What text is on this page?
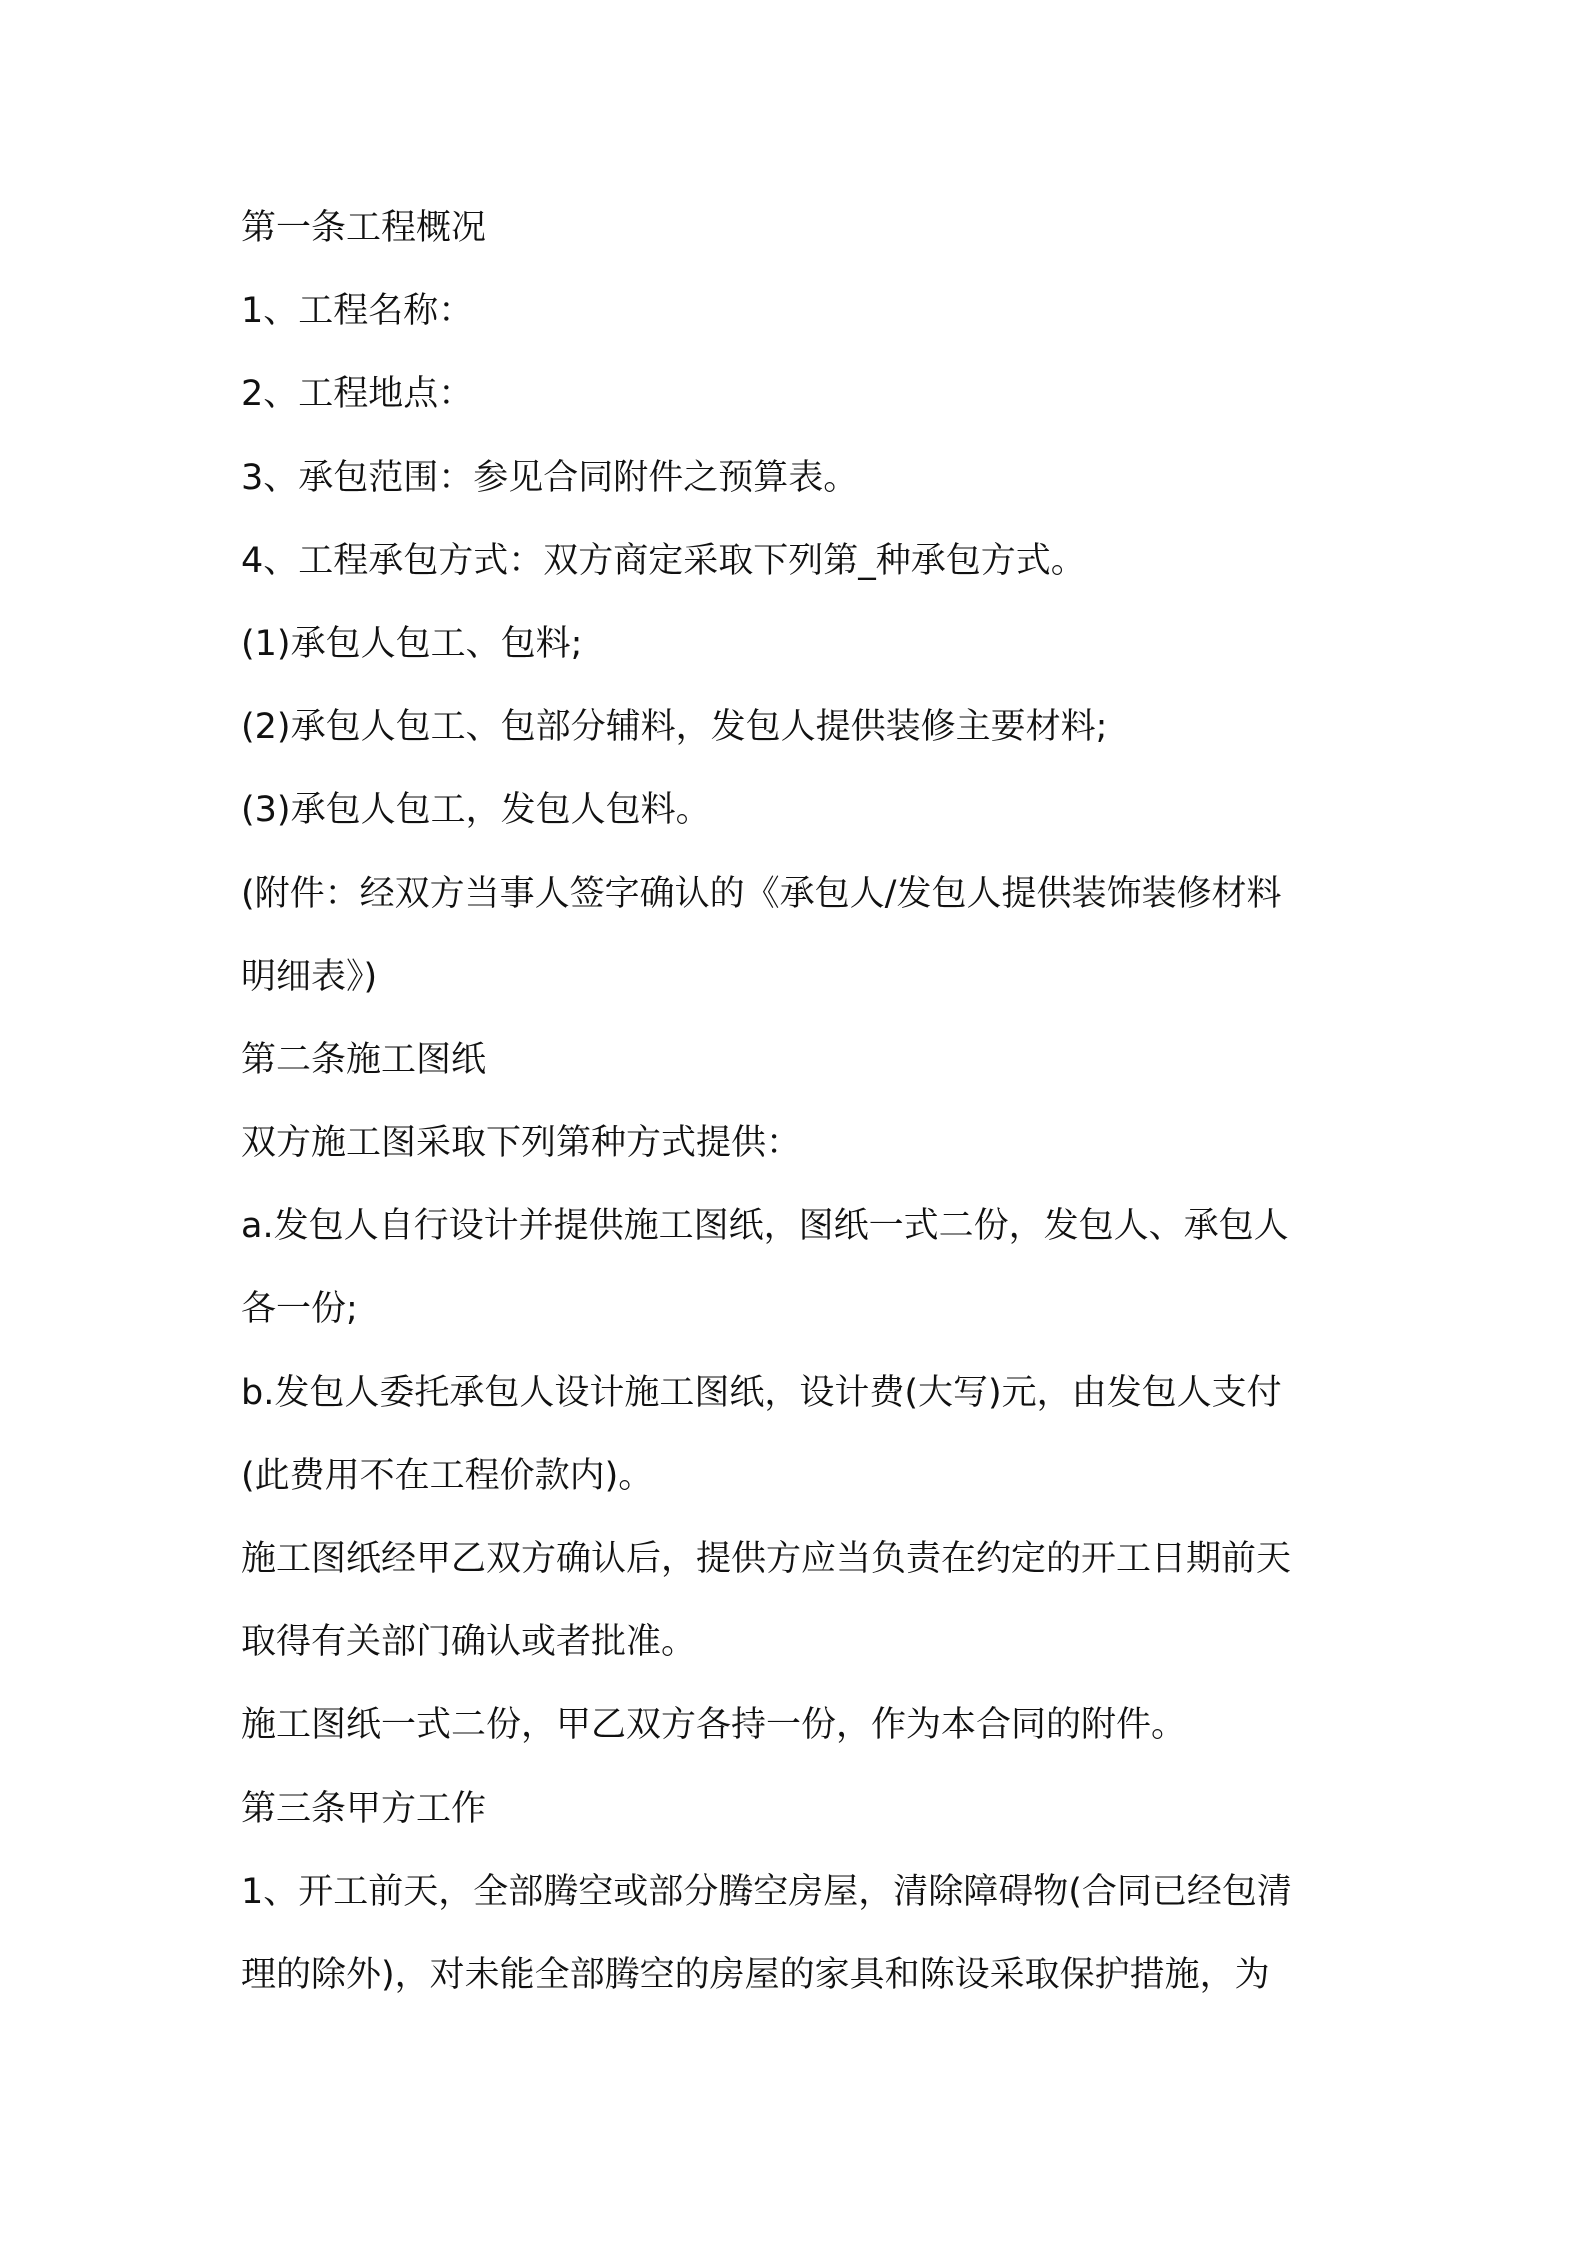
第一条工程概况
1、工程名称：
2、工程地点：
3、承包范围：参见合同附件之预算表。
4、工程承包方式：双方商定采取下列第_种承包方式。
(1)承包人包工、包料;
(2)承包人包工、包部分辅料，发包人提供装修主要材料;
(3)承包人包工，发包人包料。
(附件：经双方当事人签字确认的《承包人/发包人提供装饰装修材料
明细表》)
第二条施工图纸
双方施工图采取下列第种方式提供：
a.发包人自行设计并提供施工图纸，图纸一式二份，发包人、承包人
各一份;
b.发包人委托承包人设计施工图纸，设计费(大写)元，由发包人支付
(此费用不在工程价款内)。
施工图纸经甲乙双方确认后，提供方应当负责在约定的开工日期前天
取得有关部门确认或者批准。
施工图纸一式二份，甲乙双方各持一份，作为本合同的附件。
第三条甲方工作
1、开工前天，全部腾空或部分腾空房屋，清除障碍物(合同已经包清
理的除外)，对未能全部腾空的房屋的家具和陈设采取保护措施，为
